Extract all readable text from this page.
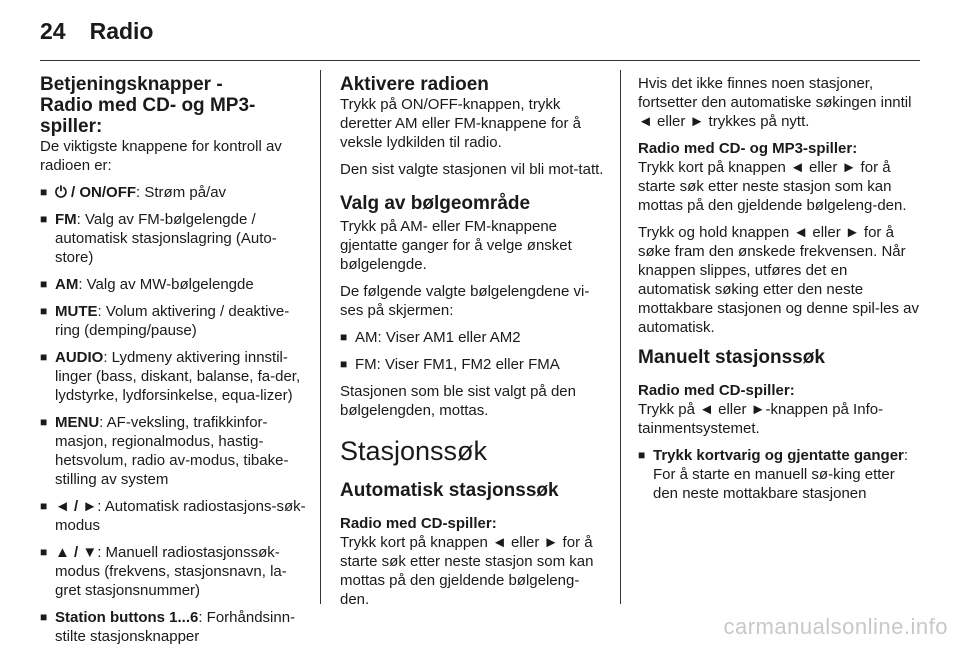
24 Radio
Betjeningsknapper -
Radio med CD- og MP3-spiller:

De viktigste knappene for kontroll av radioen er:

■ ⏻ / ON/OFF: Strøm på/av
■ FM: Valg av FM-bølgelengde / automatisk stasjonslagring (Auto-store)
■ AM: Valg av MW-bølgelengde
■ MUTE: Volum aktivering / deaktive-ring (demping/pause)
■ AUDIO: Lydmeny aktivering innstil-linger (bass, diskant, balanse, fa-der, lydstyrke, lydforsinkelse, equa-lizer)
■ MENU: AF-veksling, trafikkinfor-masjon, regionalmodus, hastig-hetsvolum, radio av-modus, tibake-stilling av system
■ ◄ / ►: Automatisk radiostasjons-søk-modus
■ ▲ / ▼: Manuell radiostasjonssøk-modus (frekvens, stasjonsnavn, la-gret stasjonsnummer)
■ Station buttons 1...6: Forhåndsinn-stilte stasjonsknapper
Aktivere radioen

Trykk på ON/OFF-knappen, trykk deretter AM eller FM-knappene for å veksle lydkilden til radio.

Den sist valgte stasjonen vil bli mot-tatt.

Valg av bølgeområde

Trykk på AM- eller FM-knappene gjentatte ganger for å velge ønsket bølgelengde.

De følgende valgte bølgelengdene vi-ses på skjermen:

■ AM: Viser AM1 eller AM2
■ FM: Viser FM1, FM2 eller FMA

Stasjonen som ble sist valgt på den bølgelengden, mottas.

Stasjonssøk
Automatisk stasjonssøk
Radio med CD-spiller:

Trykk kort på knappen ◄ eller ► for å starte søk etter neste stasjon som kan mottas på den gjeldende bølgeleng-den.

Hvis det ikke finnes noen stasjoner, fortsetter den automatiske søkingen inntil ◄ eller ► trykkes på nytt.

Radio med CD- og MP3-spiller:

Trykk kort på knappen ◄ eller ► for å starte søk etter neste stasjon som kan mottas på den gjeldende bølgeleng-den.

Trykk og hold knappen ◄ eller ► for å søke fram den ønskede frekvensen. Når knappen slippes, utføres det en automatisk søking etter den neste mottakbare stasjonen og denne spil-les av automatisk.

Manuelt stasjonssøk
Radio med CD-spiller:

Trykk på ◄ eller ►-knappen på Info-tainmentsystemet.

■ Trykk kortvarig og gjentatte ganger: For å starte en manuell sø-king etter den neste mottakbare stasjonen
carmanualsonline.info
